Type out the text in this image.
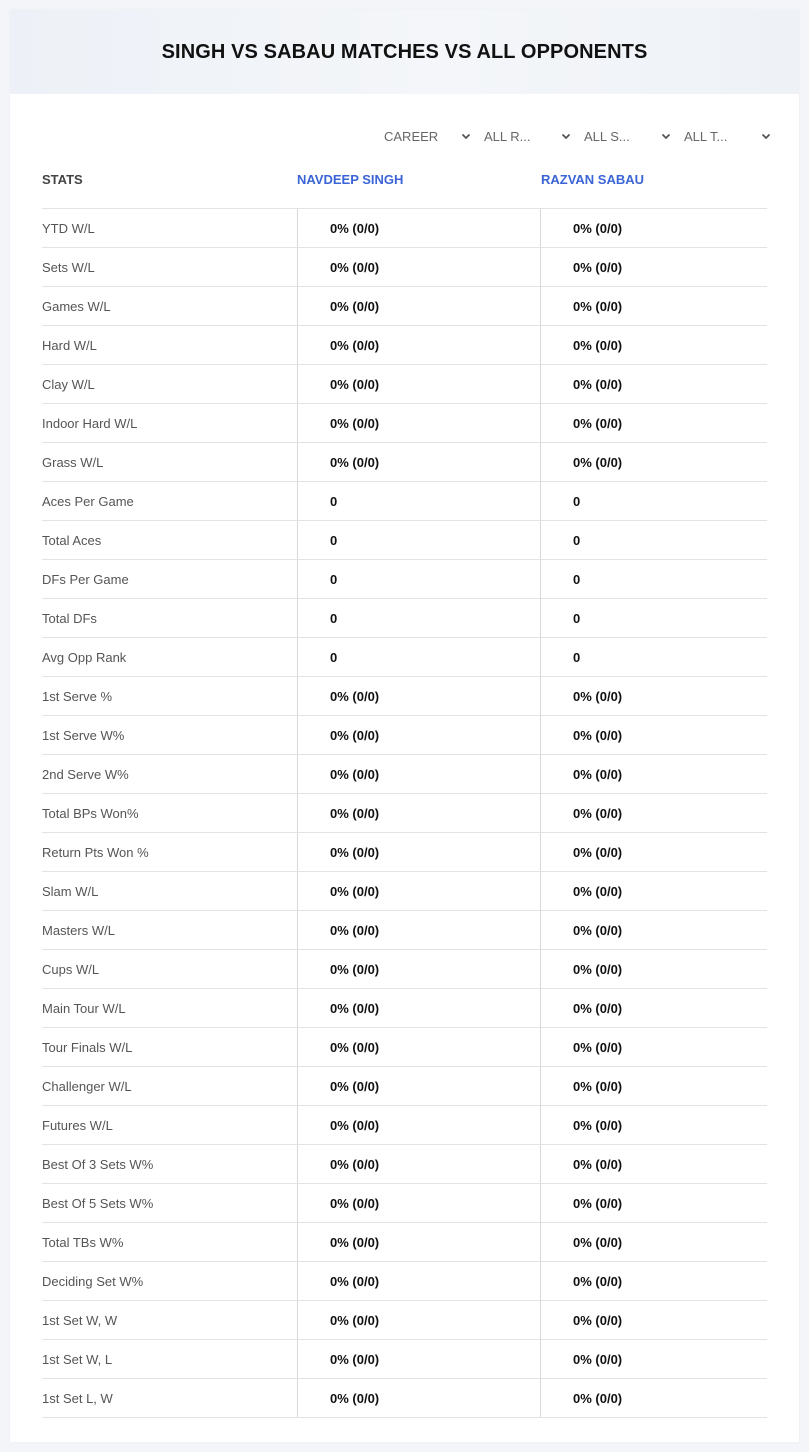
SINGH VS SABAU MATCHES VS ALL OPPONENTS
CAREER	ALL R...	ALL S...	ALL T...
STATS	NAVDEEP SINGH	RAZVAN SABAU
YTD W/L	0% (0/0)	0% (0/0)
Sets W/L	0% (0/0)	0% (0/0)
Games W/L	0% (0/0)	0% (0/0)
Hard W/L	0% (0/0)	0% (0/0)
Clay W/L	0% (0/0)	0% (0/0)
Indoor Hard W/L	0% (0/0)	0% (0/0)
Grass W/L	0% (0/0)	0% (0/0)
Aces Per Game	0	0
Total Aces	0	0
DFs Per Game	0	0
Total DFs	0	0
Avg Opp Rank	0	0
1st Serve %	0% (0/0)	0% (0/0)
1st Serve W%	0% (0/0)	0% (0/0)
2nd Serve W%	0% (0/0)	0% (0/0)
Total BPs Won%	0% (0/0)	0% (0/0)
Return Pts Won %	0% (0/0)	0% (0/0)
Slam W/L	0% (0/0)	0% (0/0)
Masters W/L	0% (0/0)	0% (0/0)
Cups W/L	0% (0/0)	0% (0/0)
Main Tour W/L	0% (0/0)	0% (0/0)
Tour Finals W/L	0% (0/0)	0% (0/0)
Challenger W/L	0% (0/0)	0% (0/0)
Futures W/L	0% (0/0)	0% (0/0)
Best Of 3 Sets W%	0% (0/0)	0% (0/0)
Best Of 5 Sets W%	0% (0/0)	0% (0/0)
Total TBs W%	0% (0/0)	0% (0/0)
Deciding Set W%	0% (0/0)	0% (0/0)
1st Set W, W	0% (0/0)	0% (0/0)
1st Set W, L	0% (0/0)	0% (0/0)
1st Set L, W	0% (0/0)	0% (0/0)
